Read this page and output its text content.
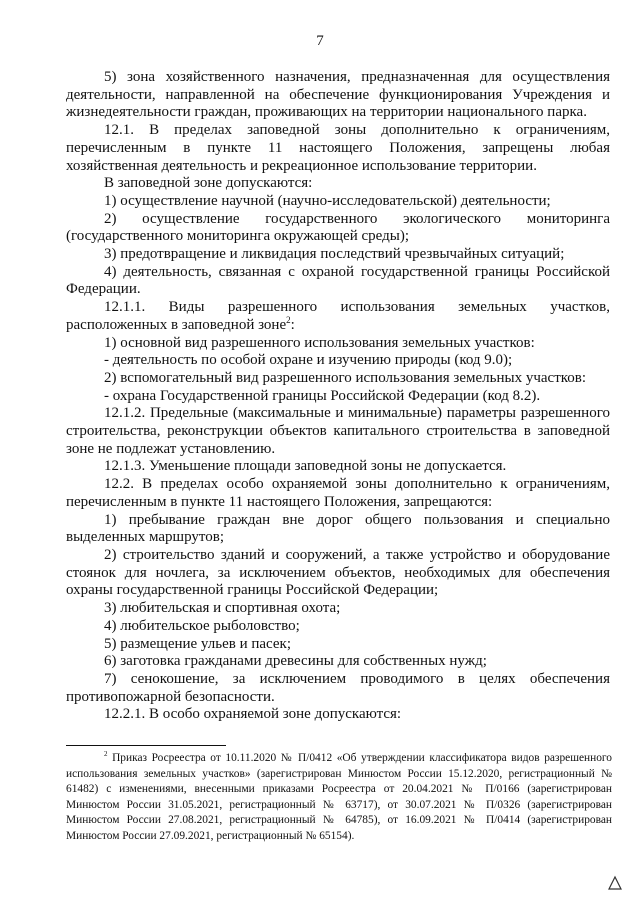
7

5) зона хозяйственного назначения, предназначенная для осуществления деятельности, направленной на обеспечение функционирования Учреждения и жизнедеятельности граждан, проживающих на территории национального парка.

12.1. В пределах заповедной зоны дополнительно к ограничениям, перечисленным в пункте 11 настоящего Положения, запрещены любая хозяйственная деятельность и рекреационное использование территории.

В заповедной зоне допускаются:

1) осуществление научной (научно-исследовательской) деятельности;

2) осуществление государственного экологического мониторинга (государственного мониторинга окружающей среды);

3) предотвращение и ликвидация последствий чрезвычайных ситуаций;

4) деятельность, связанная с охраной государственной границы Российской Федерации.

12.1.1. Виды разрешенного использования земельных участков, расположенных в заповедной зоне$^2$:

1) основной вид разрешенного использования земельных участков:

- деятельность по особой охране и изучению природы (код 9.0);

2) вспомогательный вид разрешенного использования земельных участков:

- охрана Государственной границы Российской Федерации (код 8.2).

12.1.2. Предельные (максимальные и минимальные) параметры разрешенного строительства, реконструкции объектов капитального строительства в заповедной зоне не подлежат установлению.

12.1.3. Уменьшение площади заповедной зоны не допускается.

12.2. В пределах особо охраняемой зоны дополнительно к ограничениям, перечисленным в пункте 11 настоящего Положения, запрещаются:

1) пребывание граждан вне дорог общего пользования и специально выделенных маршрутов;

2) строительство зданий и сооружений, а также устройство и оборудование стоянок для ночлега, за исключением объектов, необходимых для обеспечения охраны государственной границы Российской Федерации;

3) любительская и спортивная охота;

4) любительское рыболовство;

5) размещение ульев и пасек;

6) заготовка гражданами древесины для собственных нужд;

7) сенокошение, за исключением проводимого в целях обеспечения противопожарной безопасности.

12.2.1. В особо охраняемой зоне допускаются:

$^2$ Приказ Росреестра от 10.11.2020 № П/0412 «Об утверждении классификатора видов разрешенного использования земельных участков» (зарегистрирован Минюстом России 15.12.2020, регистрационный № 61482) с изменениями, внесенными приказами Росреестра от 20.04.2021 № П/0166 (зарегистрирован Минюстом России 31.05.2021, регистрационный № 63717), от 30.07.2021 № П/0326 (зарегистрирован Минюстом России 27.08.2021, регистрационный № 64785), от 16.09.2021 № П/0414 (зарегистрирован Минюстом России 27.09.2021, регистрационный № 65154).
